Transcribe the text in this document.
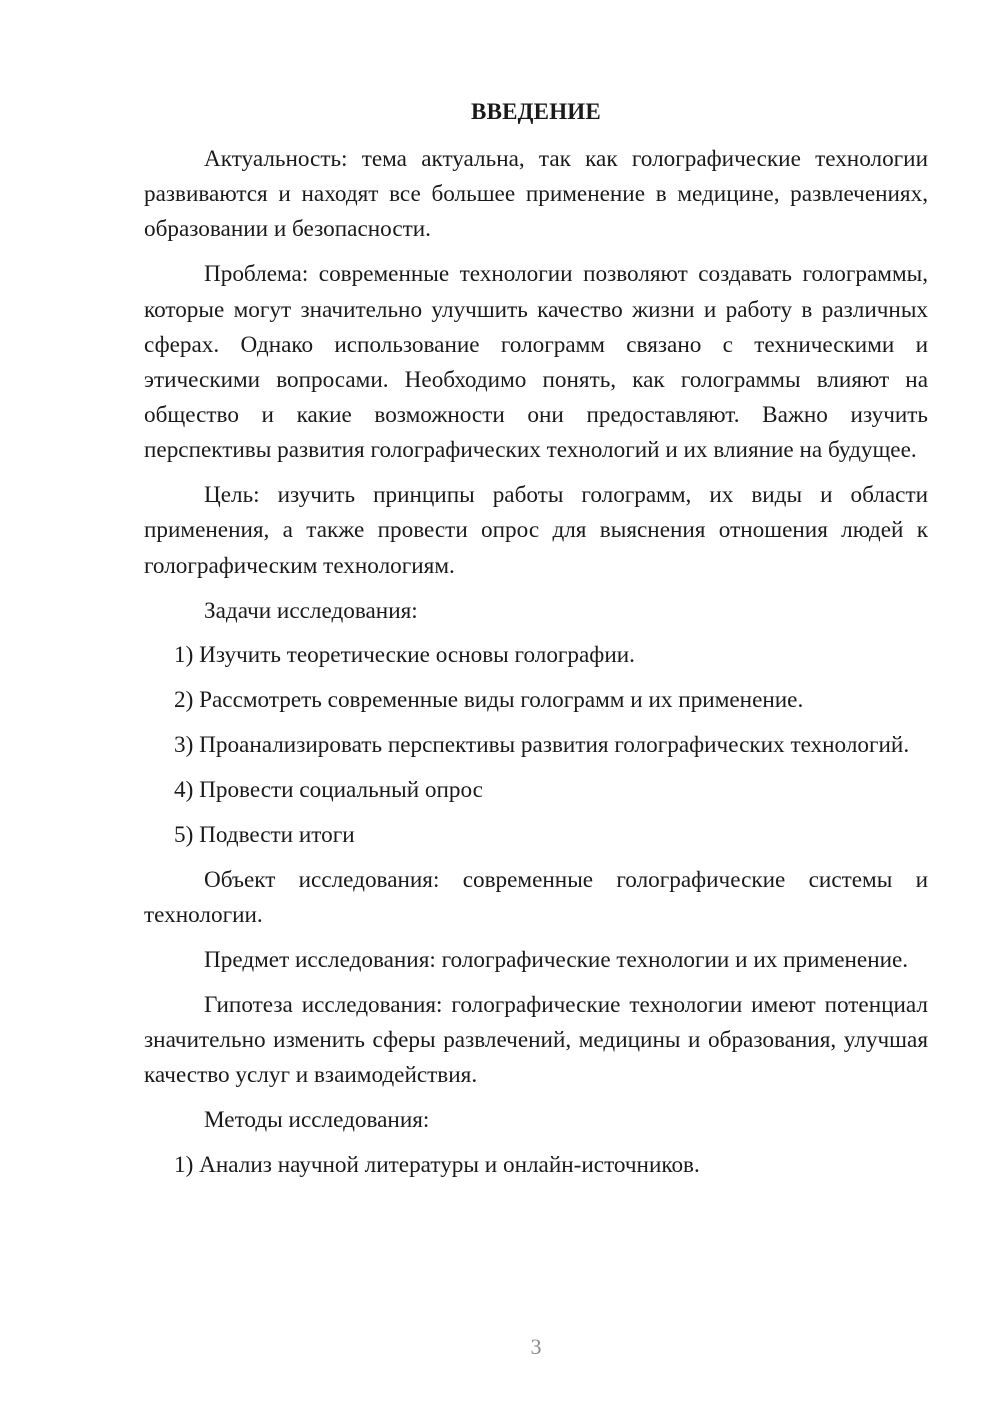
ВВЕДЕНИЕ

Актуальность: тема актуальна, так как голографические технологии развиваются и находят все большее применение в медицине, развлечениях, образовании и безопасности.

Проблема: современные технологии позволяют создавать голограммы, которые могут значительно улучшить качество жизни и работу в различных сферах. Однако использование голограмм связано с техническими и этическими вопросами. Необходимо понять, как голограммы влияют на общество и какие возможности они предоставляют. Важно изучить перспективы развития голографических технологий и их влияние на будущее.

Цель: изучить принципы работы голограмм, их виды и области применения, а также провести опрос для выяснения отношения людей к голографическим технологиям.

Задачи исследования:

1) Изучить теоретические основы голографии.

2) Рассмотреть современные виды голограмм и их применение.

3) Проанализировать перспективы развития голографических технологий.

4) Провести социальный опрос

5) Подвести итоги

Объект исследования: современные голографические системы и технологии.

Предмет исследования: голографические технологии и их применение.

Гипотеза исследования: голографические технологии имеют потенциал значительно изменить сферы развлечений, медицины и образования, улучшая качество услуг и взаимодействия.

Методы исследования:

1) Анализ научной литературы и онлайн-источников.

3
